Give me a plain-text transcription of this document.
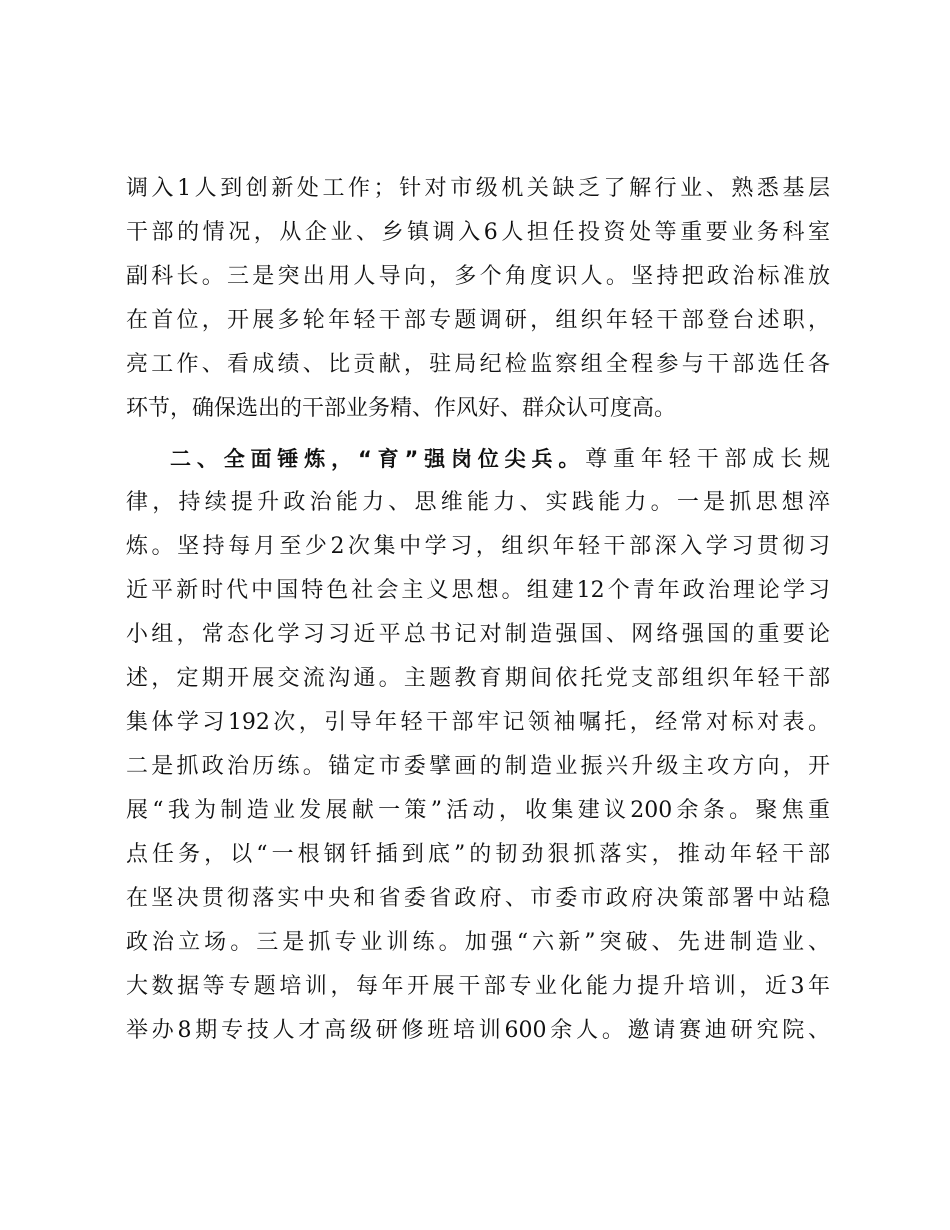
调入1人到创新处工作；针对市级机关缺乏了解行业、熟悉基层
干部的情况，从企业、乡镇调入6人担任投资处等重要业务科室
副科长。三是突出用人导向，多个角度识人。坚持把政治标准放
在首位，开展多轮年轻干部专题调研，组织年轻干部登台述职，
亮工作、看成绩、比贡献，驻局纪检监察组全程参与干部选任各
环节，确保选出的干部业务精、作风好、群众认可度高。
二、全面锤炼，“育”强岗位尖兵。尊重年轻干部成长规
律，持续提升政治能力、思维能力、实践能力。一是抓思想淬
炼。坚持每月至少2次集中学习，组织年轻干部深入学习贯彻习
近平新时代中国特色社会主义思想。组建12个青年政治理论学习
小组，常态化学习习近平总书记对制造强国、网络强国的重要论
述，定期开展交流沟通。主题教育期间依托党支部组织年轻干部
集体学习192次，引导年轻干部牢记领袖嘱托，经常对标对表。
二是抓政治历练。锚定市委擘画的制造业振兴升级主攻方向，开
展“我为制造业发展献一策”活动，收集建议200余条。聚焦重
点任务，以“一根钢钎插到底”的韧劲狠抓落实，推动年轻干部
在坚决贯彻落实中央和省委省政府、市委市政府决策部署中站稳
政治立场。三是抓专业训练。加强“六新”突破、先进制造业、
大数据等专题培训，每年开展干部专业化能力提升培训，近3年
举办8期专技人才高级研修班培训600余人。邀请赛迪研究院、
